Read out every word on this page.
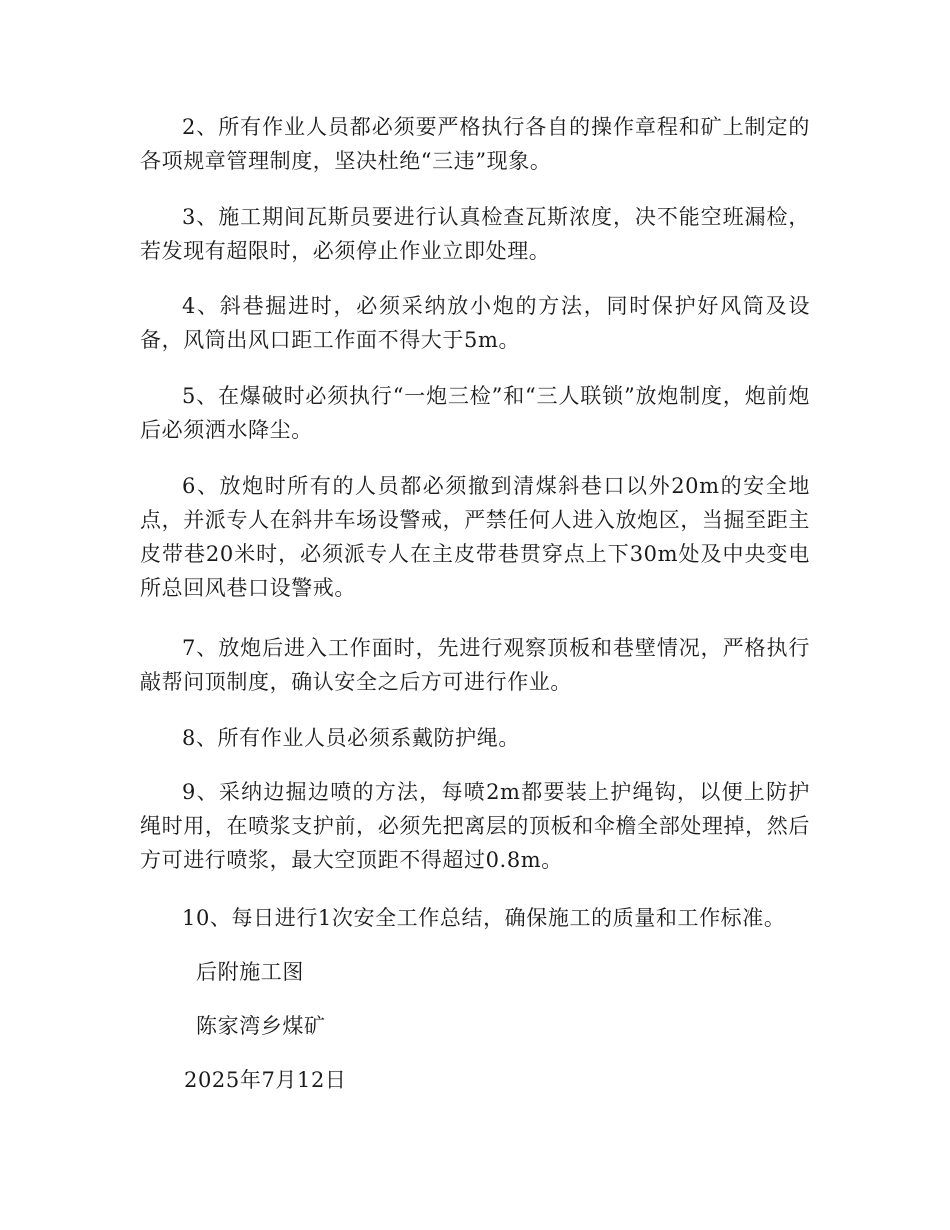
2、所有作业人员都必须要严格执行各自的操作章程和矿上制定的各项规章管理制度，坚决杜绝“三违”现象。

3、施工期间瓦斯员要进行认真检查瓦斯浓度，决不能空班漏检，若发现有超限时，必须停止作业立即处理。

4、斜巷掘进时，必须采纳放小炮的方法，同时保护好风筒及设备，风筒出风口距工作面不得大于5m。

5、在爆破时必须执行“一炮三检”和“三人联锁”放炮制度，炮前炮后必须洒水降尘。

6、放炮时所有的人员都必须撤到清煤斜巷口以外20m的安全地点，并派专人在斜井车场设警戒，严禁任何人进入放炮区，当掘至距主皮带巷20米时，必须派专人在主皮带巷贯穿点上下30m处及中央变电所总回风巷口设警戒。

7、放炮后进入工作面时，先进行观察顶板和巷壁情况，严格执行敲帮问顶制度，确认安全之后方可进行作业。

8、所有作业人员必须系戴防护绳。

9、采纳边掘边喷的方法，每喷2m都要装上护绳钩，以便上防护绳时用，在喷浆支护前，必须先把离层的顶板和伞檐全部处理掉，然后方可进行喷浆，最大空顶距不得超过0.8m。

10、每日进行1次安全工作总结，确保施工的质量和工作标准。

后附施工图

陈家湾乡煤矿

2025年7月12日
